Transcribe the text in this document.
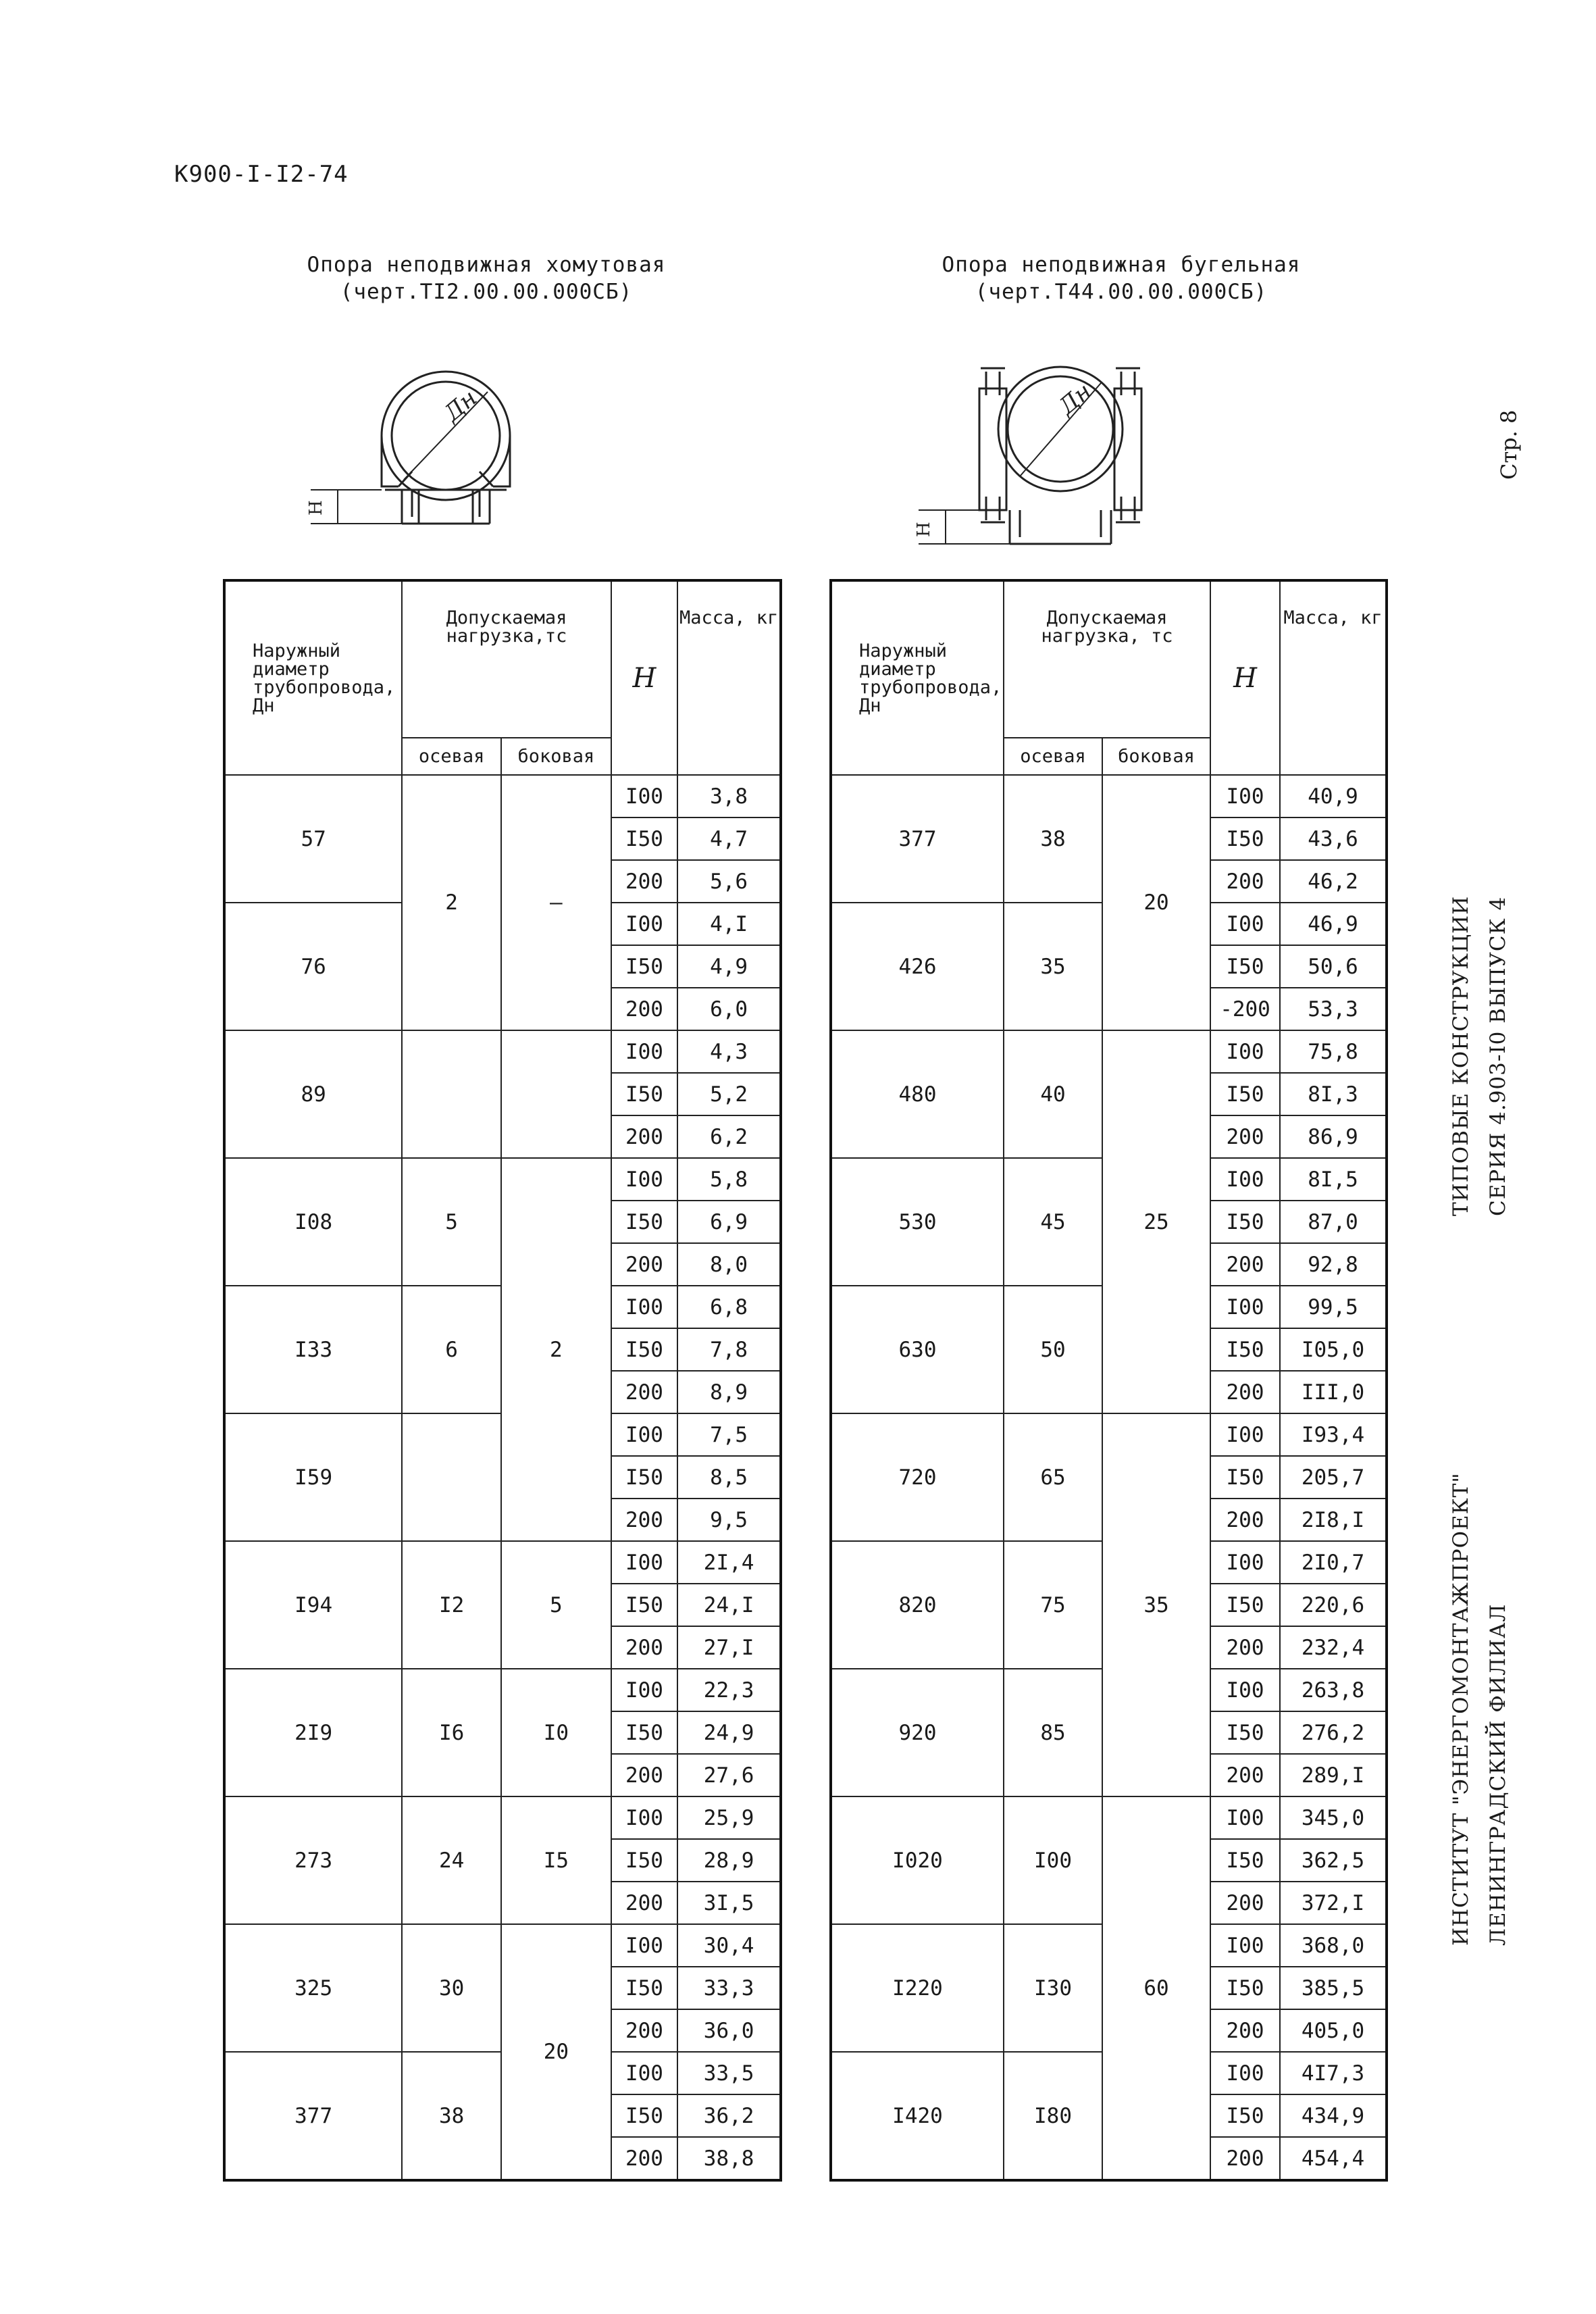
К900-I-I2-74
Опора неподвижная хомутовая
(черт.ТI2.00.00.000СБ)
Опора неподвижная бугельная
(черт.Т44.00.00.000СБ)
Дн
Н
Дн
Н
Стр. 8
ТИПОВЫЕ КОНСТРУКЦИИ СЕРИЯ 4.903-I0 ВЫПУСК 4
ИНСТИТУТ "ЭНЕРГОМОНТАЖПРОЕКТ" ЛЕНИНГРАДСКИЙ ФИЛИАЛ
Наружный диаметр трубопровода, Дн	Допускаемая нагрузка,тс		Н	Масса, кг
	осевая	боковая		
57	2	—	I00	3,8
			I50	4,7
			200	5,6
76			I00	4,I
			I50	4,9
			200	6,0
89			I00	4,3
			I50	5,2
			200	6,2
I08	5	2	I00	5,8
			I50	6,9
			200	8,0
I33	6		I00	6,8
			I50	7,8
			200	8,9
I59			I00	7,5
			I50	8,5
			200	9,5
I94	I2	5	I00	2I,4
			I50	24,I
			200	27,I
2I9	I6	I0	I00	22,3
			I50	24,9
			200	27,6
273	24	I5	I00	25,9
			I50	28,9
			200	3I,5
325	30	20	I00	30,4
			I50	33,3
			200	36,0
377	38		I00	33,5
			I50	36,2
			200	38,8
Наружный диаметр трубопровода, Дн	Допускаемая нагрузка, тс		Н	Масса, кг
	осевая	боковая		
377	38	20	I00	40,9
			I50	43,6
			200	46,2
426	35		I00	46,9
			I50	50,6
			-200	53,3
480	40	25	I00	75,8
			I50	8I,3
			200	86,9
530	45		I00	8I,5
			I50	87,0
			200	92,8
630	50		I00	99,5
			I50	I05,0
			200	III,0
720	65	35	I00	I93,4
			I50	205,7
			200	2I8,I
820	75		I00	2I0,7
			I50	220,6
			200	232,4
920	85		I00	263,8
			I50	276,2
			200	289,I
I020	I00	60	I00	345,0
			I50	362,5
			200	372,I
I220	I30		I00	368,0
			I50	385,5
			200	405,0
I420	I80		I00	4I7,3
			I50	434,9
			200	454,4
